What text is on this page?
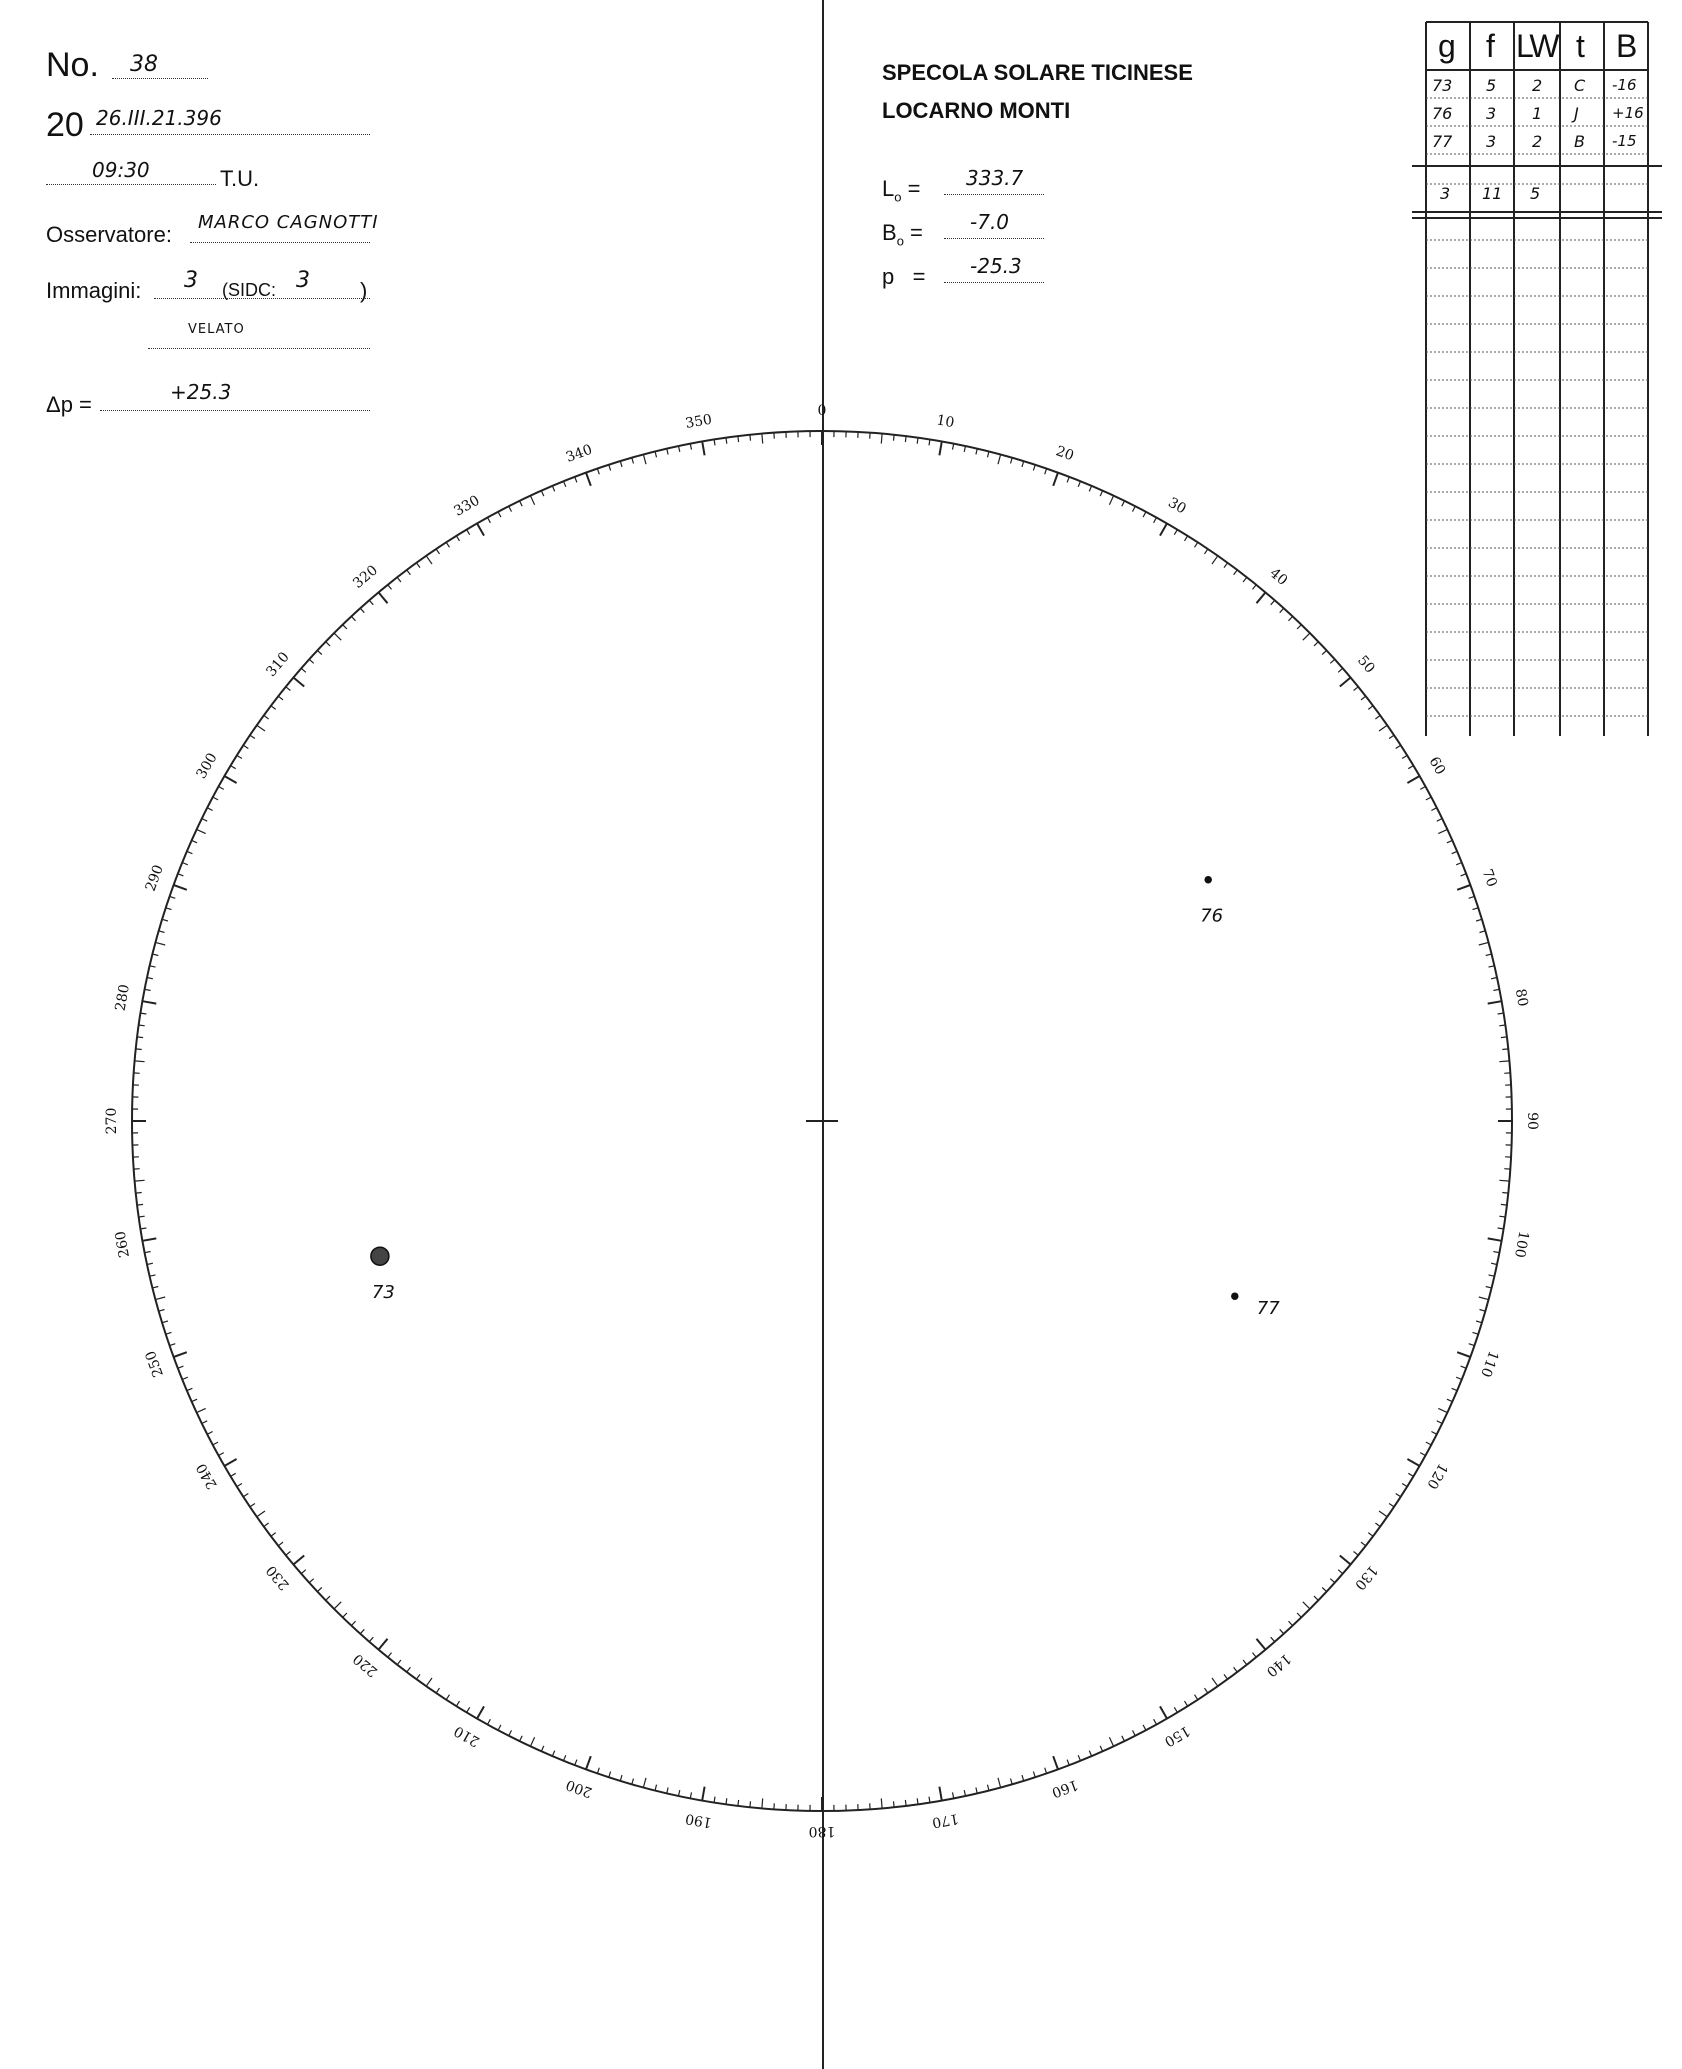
No. 38
20 26.III.21.396
09:30	T.U.
Osservatore: MARCO CAGNOTTI
Immagini: 3 (SIDC: 3 )
VELATO
Δp =	+25.3
SPECOLA SOLARE TICINESE
LOCARNO MONTI
$L_o = 333.7$
$B_o = -7.0$
p = -25.3
g f LW t B
73 5 2 C -16
76 3 1 J +16
77 3 2 B -15
3 11 5
0
10
20
30
40
50
60
70
80
90
100
110
120
130
140
150
160
170
180
190
200
210
220
230
240
250
260
270
280
290
300
310
320
330
340
350
73
76
77
